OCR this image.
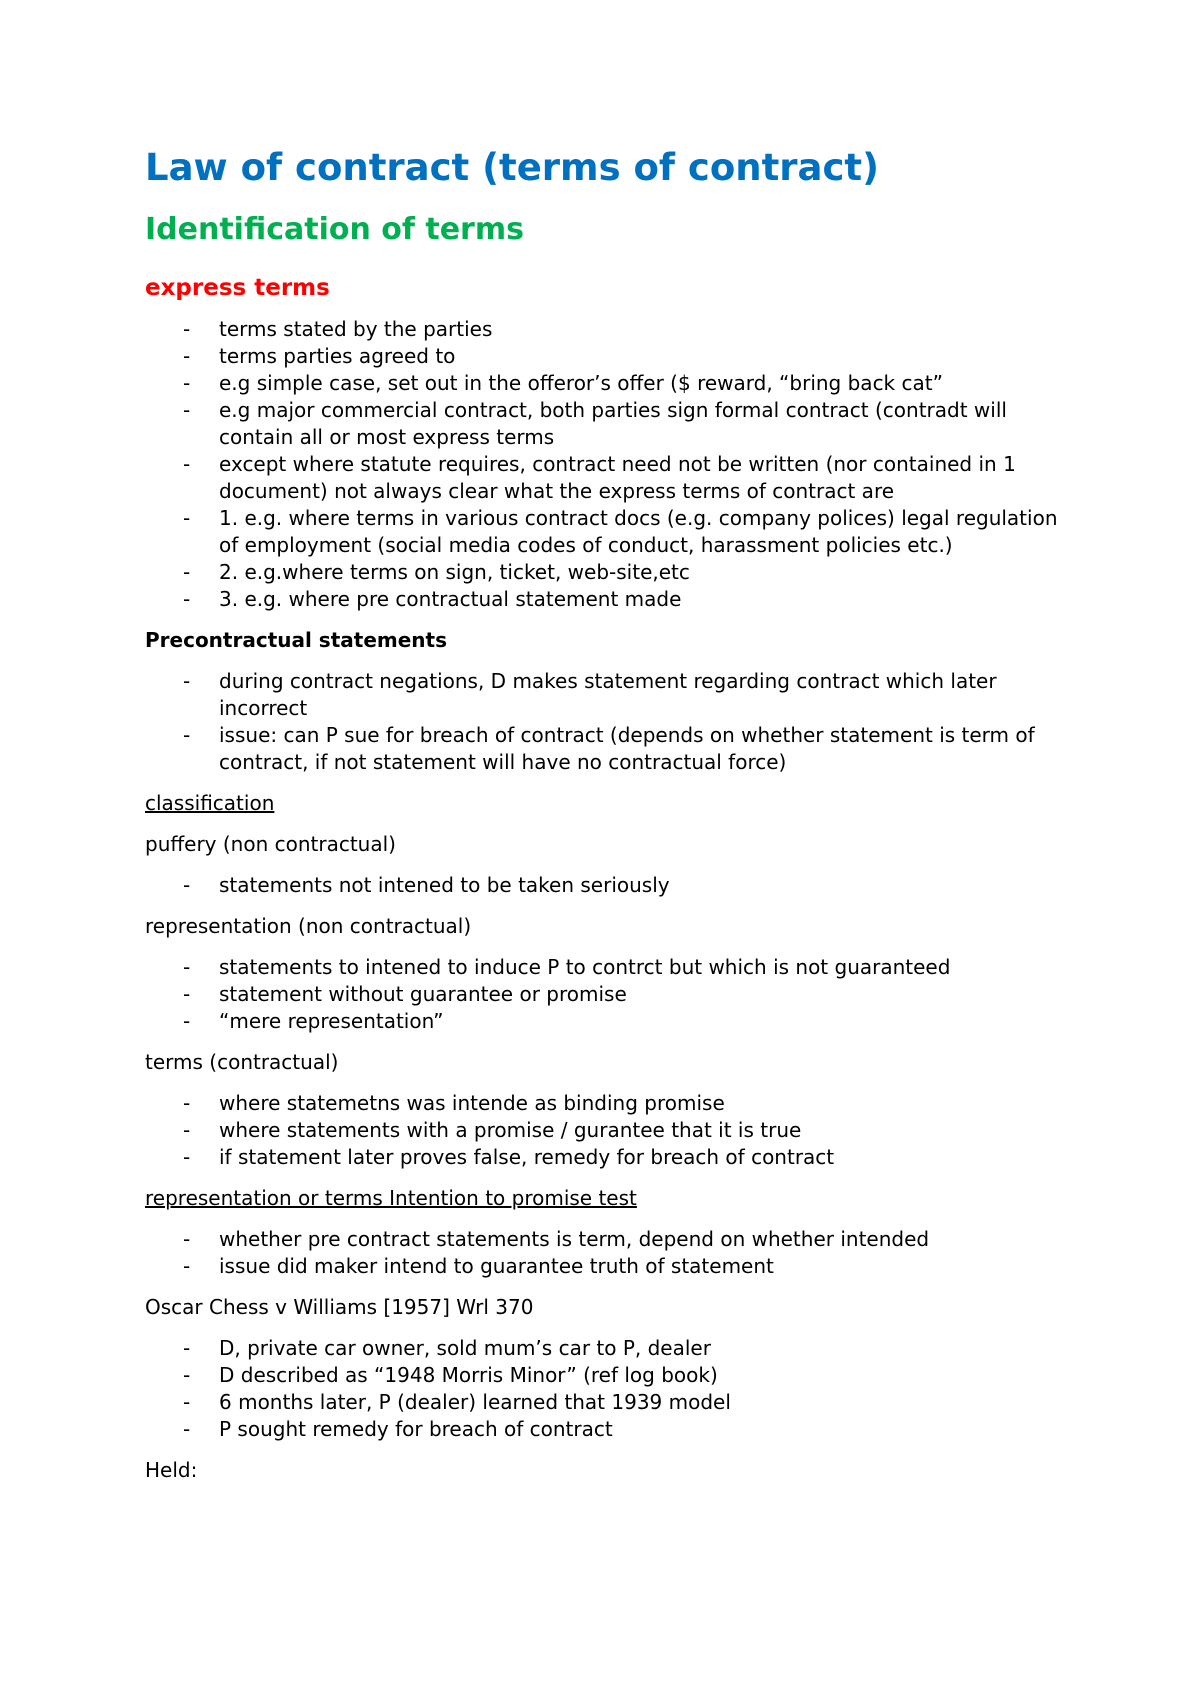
Law of contract (terms of contract)
Identification of terms
express terms
- terms stated by the parties
- terms parties agreed to
- e.g simple case, set out in the offeror’s offer ($ reward, “bring back cat”
- e.g major commercial contract, both parties sign formal contract (contradt will contain all or most express terms
- except where statute requires, contract need not be written (nor contained in 1 document) not always clear what the express terms of contract are
- 1. e.g. where terms in various contract docs (e.g. company polices) legal regulation of employment (social media codes of conduct, harassment policies etc.)
- 2. e.g.where terms on sign, ticket, web-site,etc
- 3. e.g. where pre contractual statement made

Precontractual statements

- during contract negations, D makes statement regarding contract which later incorrect
- issue: can P sue for breach of contract (depends on whether statement is term of contract, if not statement will have no contractual force)

classification

puffery (non contractual)

- statements not intened to be taken seriously

representation (non contractual)

- statements to intened to induce P to contrct but which is not guaranteed
- statement without guarantee or promise
- “mere representation”

terms (contractual)

- where statemetns was intende as binding promise
- where statements with a promise / gurantee that it is true
- if statement later proves false, remedy for breach of contract

representation or terms Intention to promise test

- whether pre contract statements is term, depend on whether intended
- issue did maker intend to guarantee truth of statement

Oscar Chess v Williams [1957] Wrl 370

- D, private car owner, sold mum’s car to P, dealer
- D described as “1948 Morris Minor” (ref log book)
- 6 months later, P (dealer) learned that 1939 model
- P sought remedy for breach of contract

Held:
